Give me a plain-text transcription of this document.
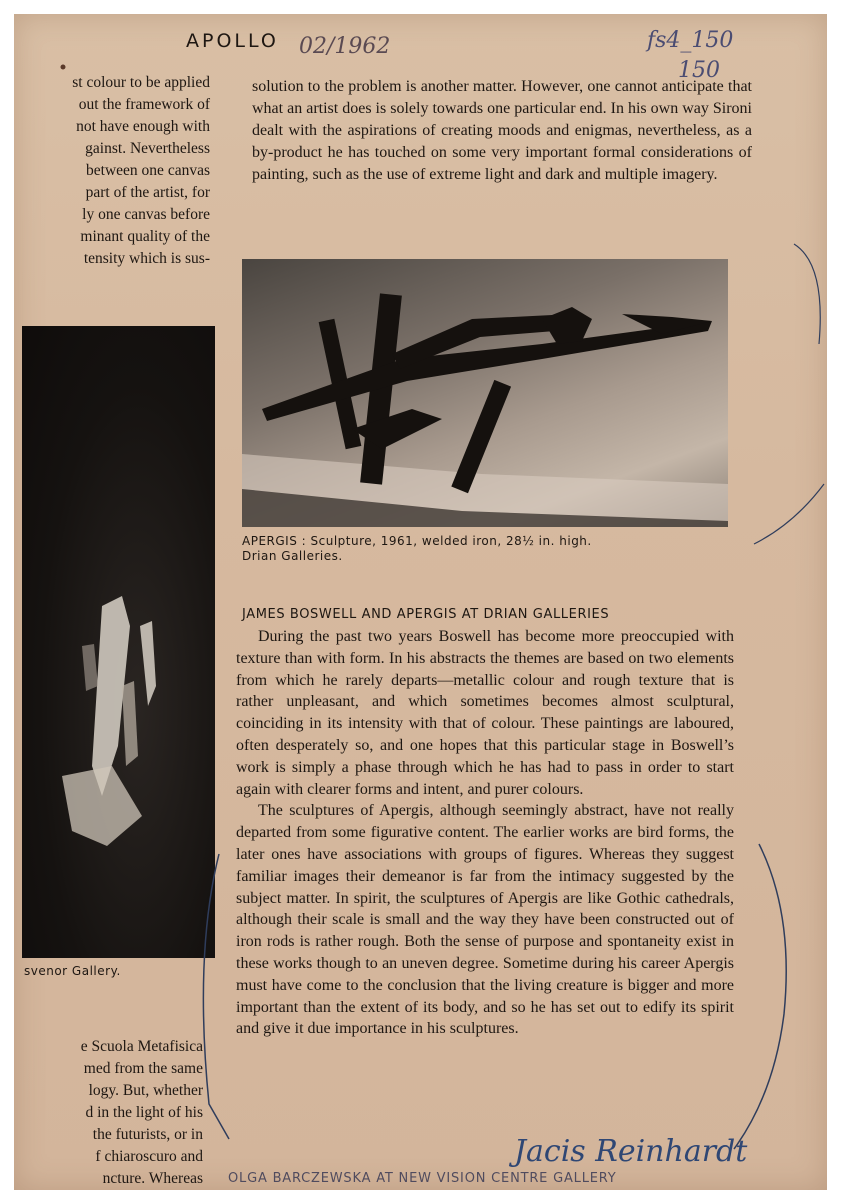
APOLLO 02/1962	fs4_150
150
st colour to be applied
out the framework of
not have enough with
gainst. Nevertheless
between one canvas
part of the artist, for
ly one canvas before
minant quality of the
tensity which is sus-
solution to the problem is another matter. However, one cannot anticipate that what an artist does is solely towards one particular end. In his own way Sironi dealt with the aspirations of creating moods and enigmas, nevertheless, as a by-product he has touched on some very important formal considerations of painting, such as the use of extreme light and dark and multiple imagery.
APERGIS : Sculpture, 1961, welded iron, 28½ in. high.
Drian Galleries.
svenor Gallery.
JAMES BOSWELL AND APERGIS AT DRIAN GALLERIES

During the past two years Boswell has become more preoccupied with texture than with form. In his abstracts the themes are based on two elements from which he rarely departs—metallic colour and rough texture that is rather unpleasant, and which sometimes becomes almost sculptural, coinciding in its intensity with that of colour. These paintings are laboured, often desperately so, and one hopes that this particular stage in Boswell’s work is simply a phase through which he has had to pass in order to start again with clearer forms and intent, and purer colours.

The sculptures of Apergis, although seemingly abstract, have not really departed from some figurative content. The earlier works are bird forms, the later ones have associations with groups of figures. Whereas they suggest familiar images their demeanor is far from the intimacy suggested by the subject matter. In spirit, the sculptures of Apergis are like Gothic cathedrals, although their scale is small and the way they have been constructed out of iron rods is rather rough. Both the sense of purpose and spontaneity exist in these works though to an uneven degree. Sometime during his career Apergis must have come to the conclusion that the living creature is bigger and more important than the extent of its body, and so he has set out to edify its spirit and give it due importance in his sculptures.

e Scuola Metafisica
med from the same
logy. But, whether
d in the light of his
the futurists, or in
f chiaroscuro and
ncture. Whereas	OLGA BARCZEWSKA AT NEW VISION CENTRE GALLERY
Jacis Reinhardt
